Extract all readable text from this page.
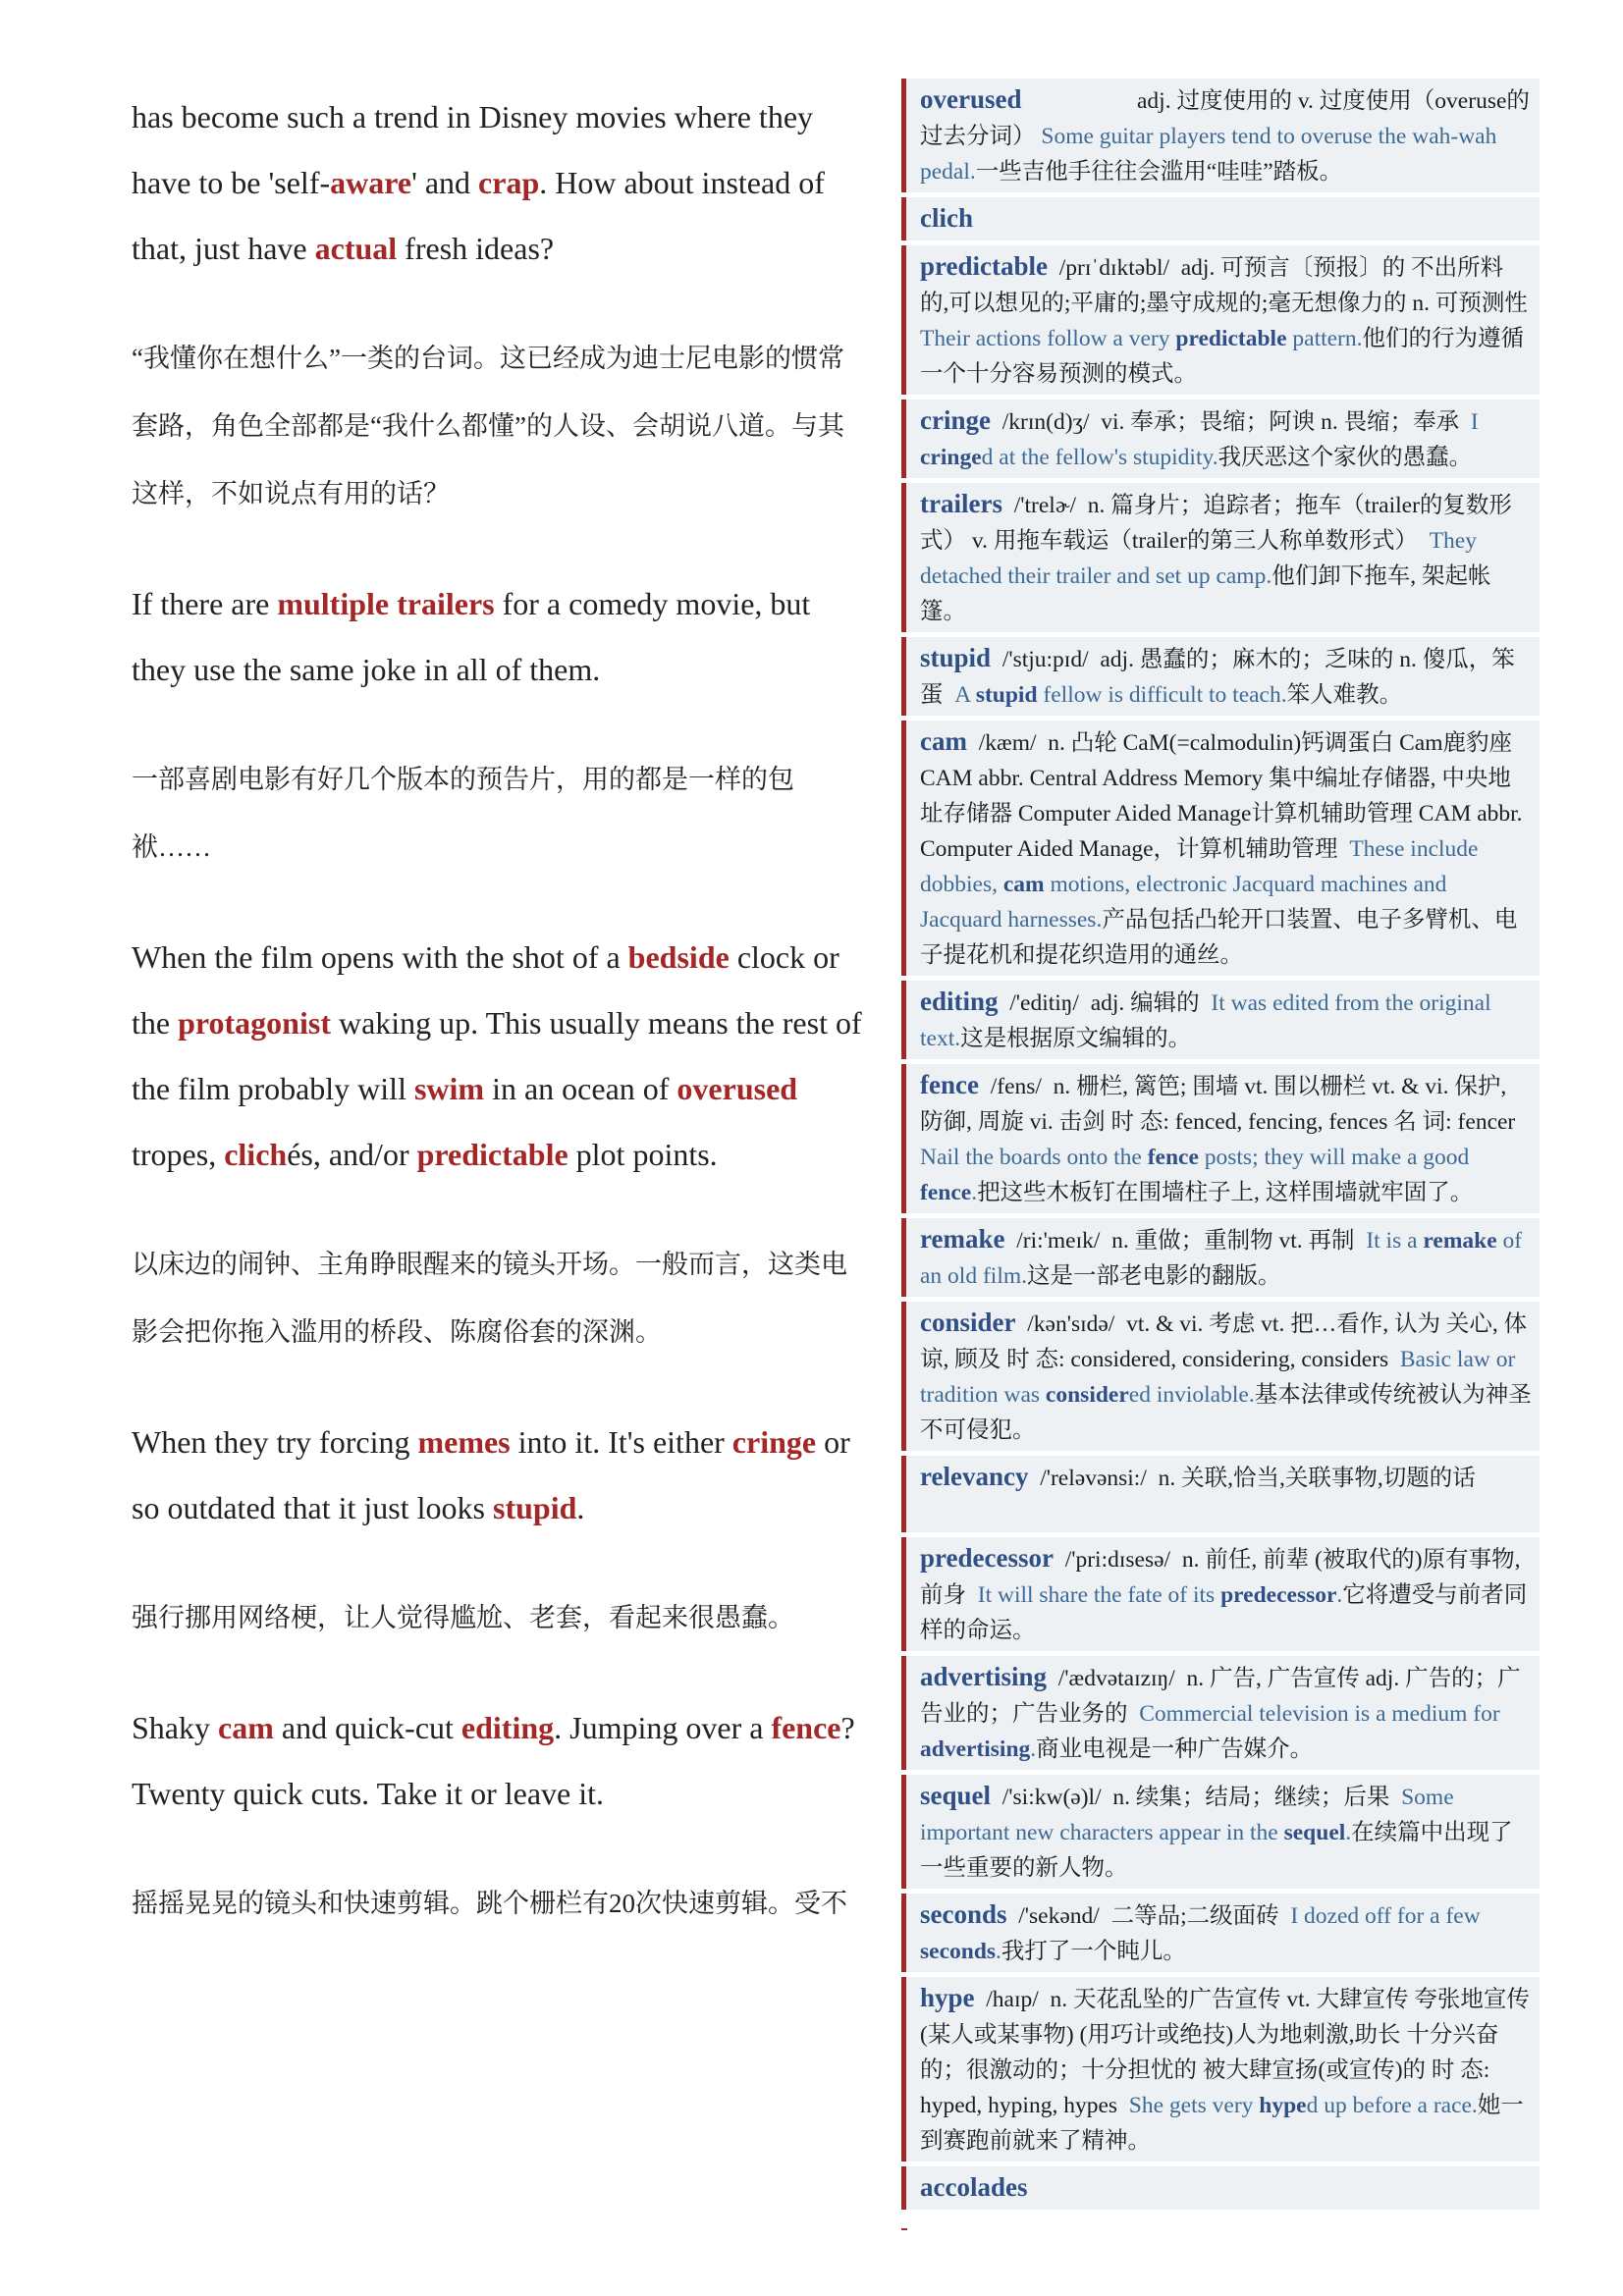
has become such a trend in Disney movies where they have to be 'self-aware' and crap. How about instead of that, just have actual fresh ideas?

“我懂你在想什么”一类的台词。这已经成为迪士尼电影的惯常套路，角色全部都是“我什么都懂”的人设、会胡说八道。与其这样，不如说点有用的话？

If there are multiple trailers for a comedy movie, but they use the same joke in all of them.

一部喜剧电影有好几个版本的预告片，用的都是一样的包袱……

When the film opens with the shot of a bedside clock or the protagonist waking up. This usually means the rest of the film probably will swim in an ocean of overused tropes, clichés, and/or predictable plot points.

以床边的闹钟、主角睁眼醒来的镜头开场。一般而言，这类电影会把你拖入滥用的桥段、陈腐俗套的深渊。

When they try forcing memes into it. It's either cringe or so outdated that it just looks stupid.

强行挪用网络梗，让人觉得尴尬、老套，看起来很愚蠢。

Shaky cam and quick-cut editing. Jumping over a fence? Twenty quick cuts. Take it or leave it.

摇摇晃晃的镜头和快速剪辑。跳个栅栏有20次快速剪辑。受不

overused                    adj. 过度使用的 v. 过度使用（overuse的过去分词） Some guitar players tend to overuse the wah-wah pedal.一些吉他手往往会滥用“哇哇”踏板。
clich
predictable  /prɪˈdɪktəbl/  adj. 可预言〔预报〕的 不出所料的,可以想见的;平庸的;墨守成规的;毫无想像力的 n. 可预测性  Their actions follow a very predictable pattern.他们的行为遵循一个十分容易预测的模式。
cringe  /krɪn(d)ʒ/  vi. 奉承；畏缩；阿谀 n. 畏缩；奉承  I cringed at the fellow's stupidity.我厌恶这个家伙的愚蠢。
trailers  /'trelɚ/  n. 篇身片；追踪者；拖车（trailer的复数形式） v. 用拖车载运（trailer的第三人称单数形式）  They detached their trailer and set up camp.他们卸下拖车, 架起帐篷。
stupid  /'stju:pɪd/  adj. 愚蠢的；麻木的；乏味的 n. 傻瓜，笨蛋  A stupid fellow is difficult to teach.笨人难教。
cam  /kæm/  n. 凸轮 CaM(=calmodulin)钙调蛋白 Cam鹿豹座 CAM abbr. Central Address Memory 集中编址存储器, 中央地址存储器 Computer Aided Manage计算机辅助管理 CAM abbr. Computer Aided Manage，计算机辅助管理  These include dobbies, cam motions, electronic Jacquard machines and Jacquard harnesses.产品包括凸轮开口装置、电子多臂机、电子提花机和提花织造用的通丝。
editing  /'editiŋ/  adj. 编辑的  It was edited from the original text.这是根据原文编辑的。
fence  /fens/  n. 栅栏, 篱笆; 围墙 vt. 围以栅栏 vt. & vi. 保护, 防御, 周旋 vi. 击剑 时 态: fenced, fencing, fences 名 词: fencer  Nail the boards onto the fence posts; they will make a good fence.把这些木板钉在围墙柱子上, 这样围墙就牢固了。
remake  /ri:'meɪk/  n. 重做；重制物 vt. 再制  It is a remake of an old film.这是一部老电影的翻版。
consider  /kən'sɪdə/  vt. & vi. 考虑 vt. 把…看作, 认为 关心, 体谅, 顾及 时 态: considered, considering, considers  Basic law or tradition was considered inviolable.基本法律或传统被认为神圣不可侵犯。
relevancy  /'reləvənsi:/  n. 关联,恰当,关联事物,切题的话
predecessor  /'pri:dɪsesə/  n. 前任, 前辈 (被取代的)原有事物, 前身  It will share the fate of its predecessor.它将遭受与前者同样的命运。
advertising  /'ædvətaɪzɪŋ/  n. 广告, 广告宣传 adj. 广告的；广告业的；广告业务的  Commercial television is a medium for advertising.商业电视是一种广告媒介。
sequel  /'si:kw(ə)l/  n. 续集；结局；继续；后果  Some important new characters appear in the sequel.在续篇中出现了一些重要的新人物。
seconds  /'sekənd/  二等品;二级面砖  I dozed off for a few seconds.我打了一个盹儿。
hype  /haɪp/  n. 天花乱坠的广告宣传 vt. 大肆宣传 夸张地宣传(某人或某事物) (用巧计或绝技)人为地刺激,助长 十分兴奋的；很激动的；十分担忧的 被大肆宣扬(或宣传)的 时 态: hyped, hyping, hypes  She gets very hyped up before a race.她一到赛跑前就来了精神。
accolades
